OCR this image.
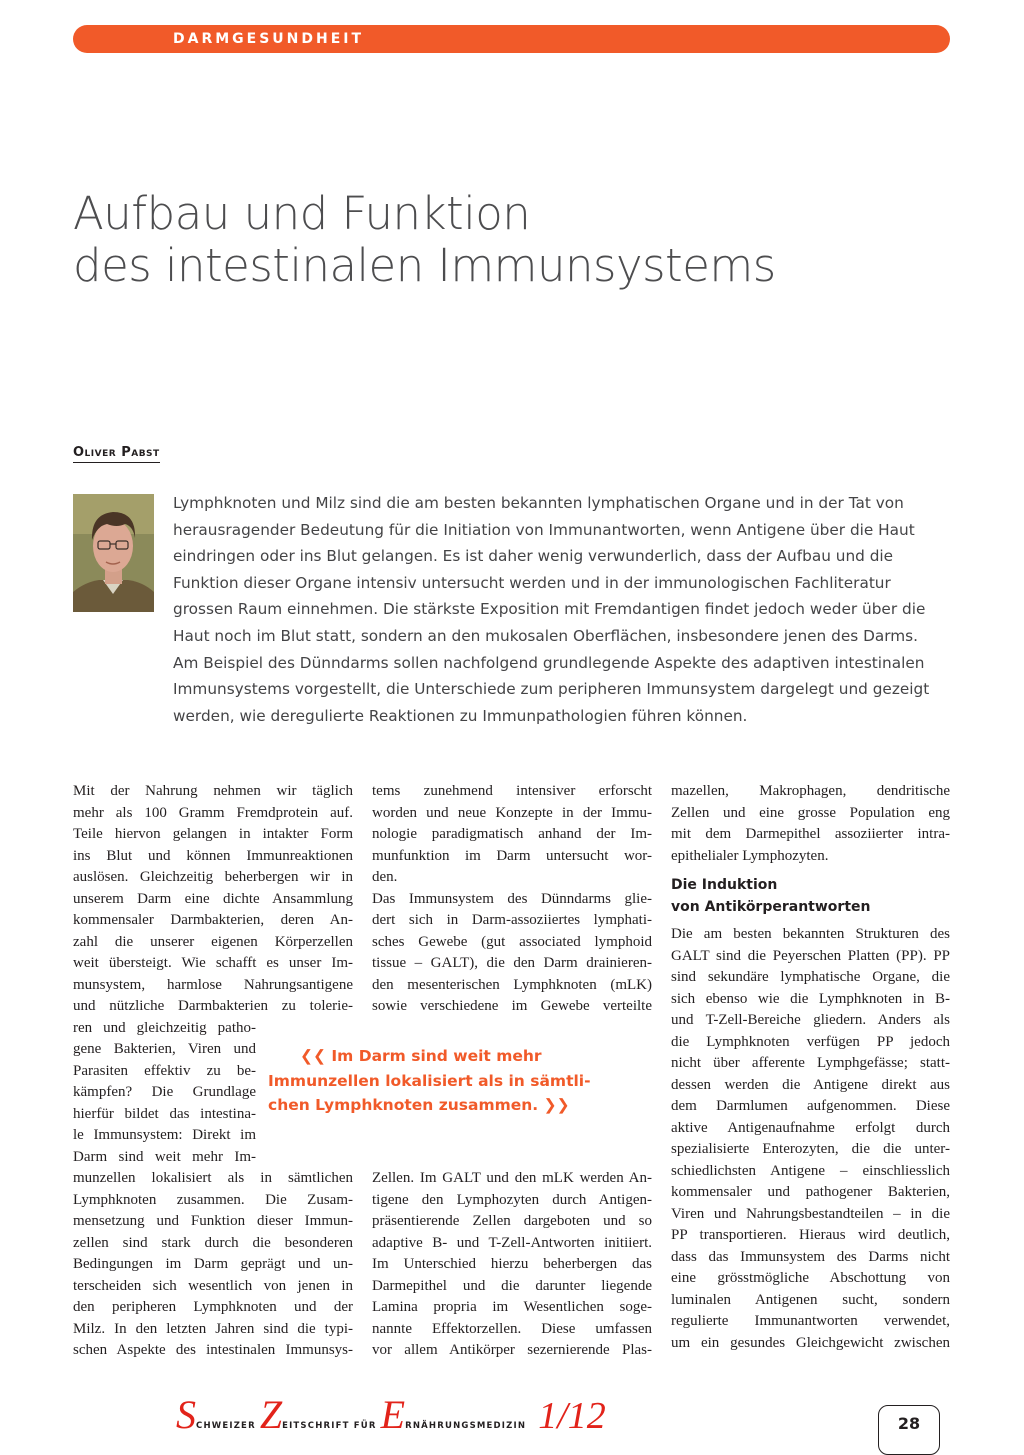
DARMGESUNDHEIT
Aufbau und Funktion
des intestinalen Immunsystems
Oliver Pabst
Lymphknoten und Milz sind die am besten bekannten lymphatischen Organe und in der Tat von
herausragender Bedeutung für die Initiation von Immunantworten, wenn Antigene über die Haut
eindringen oder ins Blut gelangen. Es ist daher wenig verwunderlich, dass der Aufbau und die
Funktion dieser Organe intensiv untersucht werden und in der immunologischen Fachliteratur
grossen Raum einnehmen. Die stärkste Exposition mit Fremdantigen findet jedoch weder über die
Haut noch im Blut statt, sondern an den mukosalen Oberflächen, insbesondere jenen des Darms.
Am Beispiel des Dünndarms sollen nachfolgend grundlegende Aspekte des adaptiven intestinalen
Immunsystems vorgestellt, die Unterschiede zum peripheren Immunsystem dargelegt und gezeigt
werden, wie deregulierte Reaktionen zu Immunpathologien führen können.
Mit der Nahrung nehmen wir täglich
mehr als 100 Gramm Fremdprotein auf.
Teile hiervon gelangen in intakter Form
ins Blut und können Immunreaktionen
auslösen. Gleichzeitig beherbergen wir in
unserem Darm eine dichte Ansammlung
kommensaler Darmbakterien, deren An-
zahl die unserer eigenen Körperzellen
weit übersteigt. Wie schafft es unser Im-
munsystem, harmlose Nahrungsantigene
und nützliche Darmbakterien zu tolerie-
ren und gleichzeitig patho-
gene Bakterien, Viren und
Parasiten effektiv zu be-
kämpfen? Die Grundlage
hierfür bildet das intestina-
le Immunsystem: Direkt im
Darm sind weit mehr Im-
munzellen lokalisiert als in sämtlichen
Lymphknoten zusammen. Die Zusam-
mensetzung und Funktion dieser Immun-
zellen sind stark durch die besonderen
Bedingungen im Darm geprägt und un-
terscheiden sich wesentlich von jenen in
den peripheren Lymphknoten und der
Milz. In den letzten Jahren sind die typi-
schen Aspekte des intestinalen Immunsys-
tems zunehmend intensiver erforscht
worden und neue Konzepte in der Immu-
nologie paradigmatisch anhand der Im-
munfunktion im Darm untersucht wor-
den.
Das Immunsystem des Dünndarms glie-
dert sich in Darm-assoziiertes lymphati-
sches Gewebe (gut associated lymphoid
tissue – GALT), die den Darm drainieren-
den mesenterischen Lymphknoten (mLK)
sowie verschiedene im Gewebe verteilte
❮❮ Im Darm sind weit mehr
Immunzellen lokalisiert als in sämtli-
chen Lymphknoten zusammen. ❯❯
Zellen. Im GALT und den mLK werden An-
tigene den Lymphozyten durch Antigen-
präsentierende Zellen dargeboten und so
adaptive B- und T-Zell-Antworten initiiert.
Im Unterschied hierzu beherbergen das
Darmepithel und die darunter liegende
Lamina propria im Wesentlichen soge-
nannte Effektorzellen. Diese umfassen
vor allem Antikörper sezernierende Plas-
mazellen, Makrophagen, dendritische
Zellen und eine grosse Population eng
mit dem Darmepithel assoziierter intra-
epithelialer Lymphozyten.
Die Induktion
von Antikörperantworten
Die am besten bekannten Strukturen des
GALT sind die Peyerschen Platten (PP). PP
sind sekundäre lymphatische Organe, die
sich ebenso wie die Lymphknoten in B-
und T-Zell-Bereiche gliedern. Anders als
die Lymphknoten verfügen PP jedoch
nicht über afferente Lymphgefässe; statt-
dessen werden die Antigene direkt aus
dem Darmlumen aufgenommen. Diese
aktive Antigenaufnahme erfolgt durch
spezialisierte Enterozyten, die die unter-
schiedlichsten Antigene – einschliesslich
kommensaler und pathogener Bakterien,
Viren und Nahrungsbestandteilen – in die
PP transportieren. Hieraus wird deutlich,
dass das Immunsystem des Darms nicht
eine grösstmögliche Abschottung von
luminalen Antigenen sucht, sondern
regulierte Immunantworten verwendet,
um ein gesundes Gleichgewicht zwischen
SCHWEIZER ZEITSCHRIFT FÜR ERNÄHRUNGSMEDIZIN 1/12	28
